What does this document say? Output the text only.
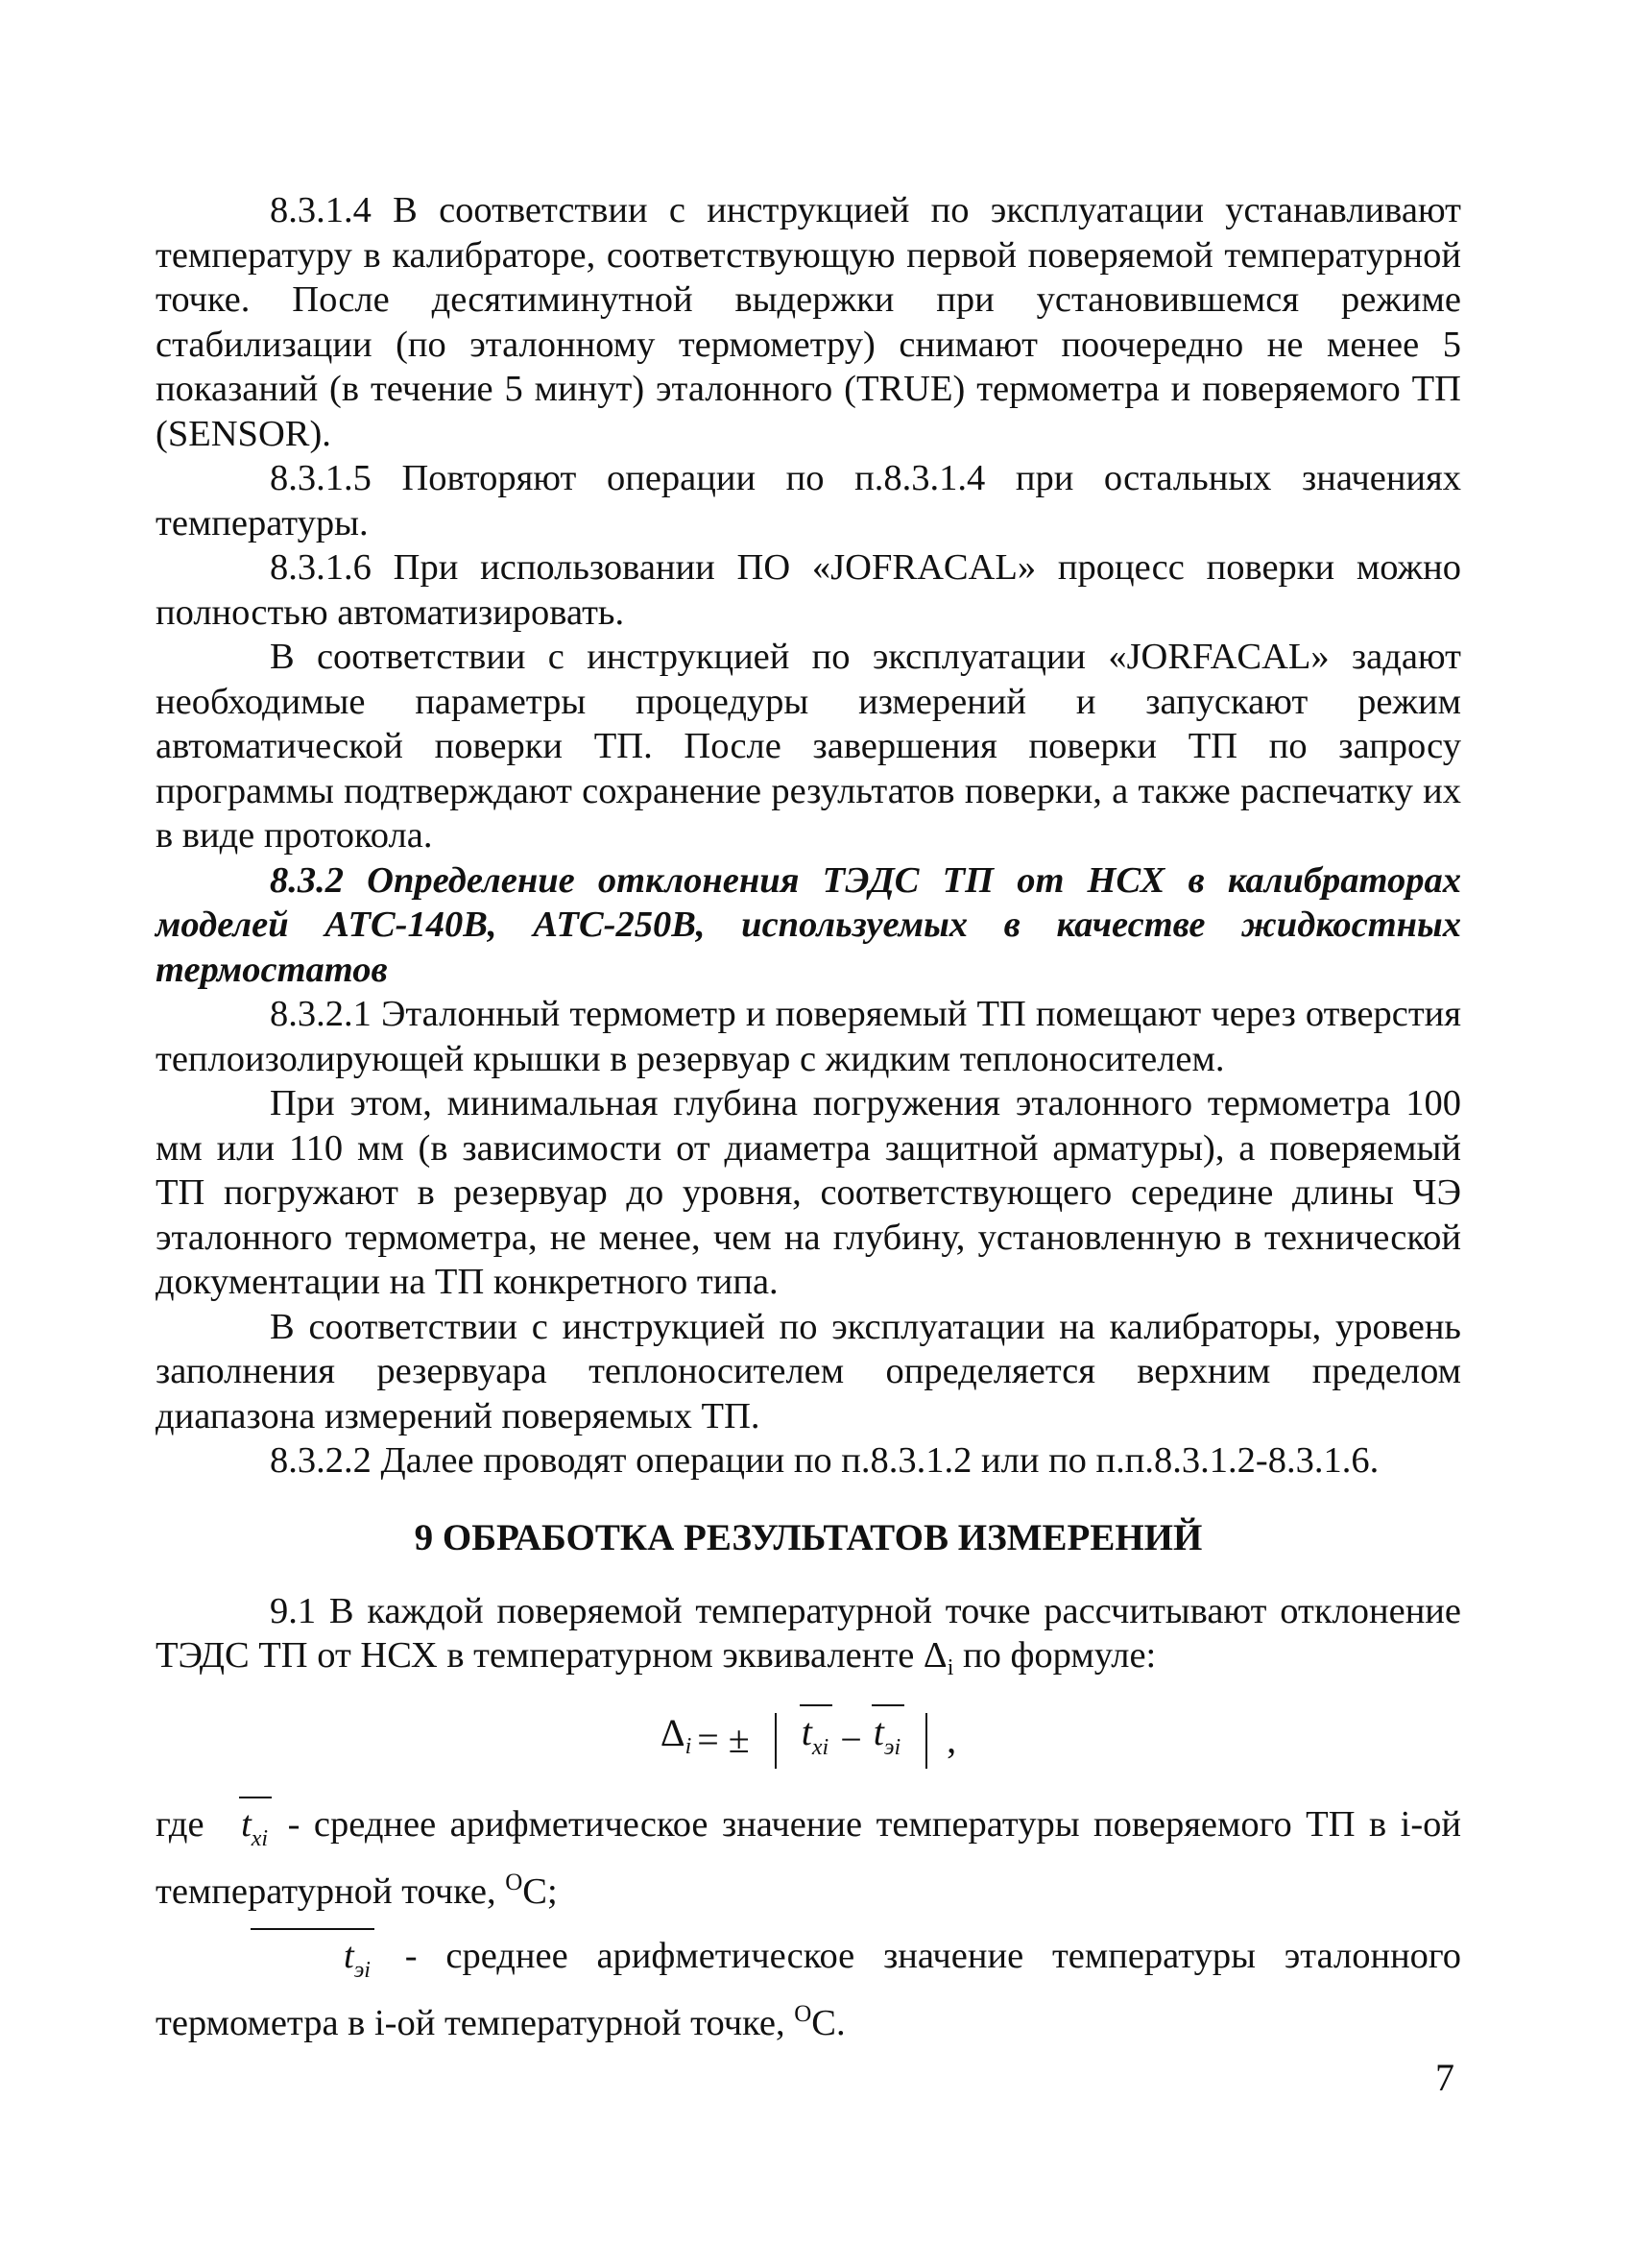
8.3.1.4 В соответствии с инструкцией по эксплуатации устанавливают температуру в калибраторе, соответствующую первой поверяемой температурной точке. После десятиминутной выдержки при установившемся режиме стабилизации (по эталонному термометру) снимают поочередно не менее 5 показаний (в течение 5 минут) эталонного (TRUE) термометра и поверяемого ТП (SENSOR).

8.3.1.5 Повторяют операции по п.8.3.1.4 при остальных значениях температуры.

8.3.1.6 При использовании ПО «JOFRACAL» процесс поверки можно полностью автоматизировать.

В соответствии с инструкцией по эксплуатации «JORFACAL» задают необходимые параметры процедуры измерений и запускают режим автоматической поверки ТП. После завершения поверки ТП по запросу программы подтверждают сохранение результатов поверки, а также распечатку их в виде протокола.

8.3.2 Определение отклонения ТЭДС ТП от НСХ в калибраторах моделей АТС-140В, АТС-250В, используемых в качестве жидкостных термостатов

8.3.2.1 Эталонный термометр и поверяемый ТП помещают через отверстия теплоизолирующей крышки в резервуар с жидким теплоносителем.

При этом, минимальная глубина погружения эталонного термометра 100 мм или 110 мм (в зависимости от диаметра защитной арматуры), а поверяемый ТП погружают в резервуар до уровня, соответствующего середине длины ЧЭ эталонного термометра, не менее, чем на глубину, установленную в технической документации на ТП конкретного типа.

В соответствии с инструкцией по эксплуатации на калибраторы, уровень заполнения резервуара теплоносителем определяется верхним пределом диапазона измерений поверяемых ТП.

8.3.2.2 Далее проводят операции по п.8.3.1.2 или по п.п.8.3.1.2-8.3.1.6.

9 ОБРАБОТКА РЕЗУЛЬТАТОВ ИЗМЕРЕНИЙ

9.1 В каждой поверяемой температурной точке рассчитывают отклонение ТЭДС ТП от НСХ в температурном эквиваленте $\Delta_i$ по формуле:

$\Delta_i$ = ± $t_{xi} - t_{эi}$ ,

где $t_{xi}$ - среднее арифметическое значение температуры поверяемого ТП в i-ой температурной точке, $^O$C;

$t_{эi}$ - среднее арифметическое значение температуры эталонного термометра в i-ой температурной точке, $^O$C.

7
